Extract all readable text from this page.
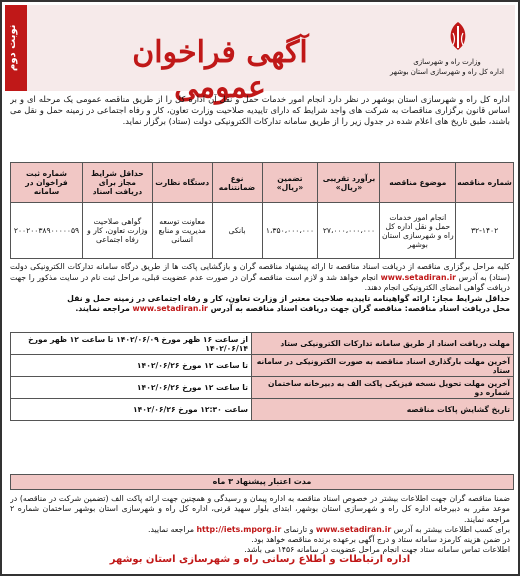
نوبت دوم	آگهی فراخوان عمومی
وزارت راه و شهرسازی
اداره کل راه و شهرسازی استان بوشهر
اداره کل راه و شهرسازی استان بوشهر در نظر دارد انجام امور خدمات حمل و نقل آن اداره کل را از طریق مناقصه عمومی یک مرحله ای و بر اساس قانون برگزاری مناقصات به شرکت های واجد شرایط که دارای تاییدیه صلاحیت وزارت تعاون، کار و رفاه اجتماعی در زمینه حمل و نقل می باشند، طبق تاریخ های اعلام شده در جدول زیر را از طریق سامانه تدارکات الکترونیکی دولت (ستاد) برگزار نماید.
شماره مناقصه	موضوع مناقصه	برآورد تقریبی «ریال»	تضمین «ریال»	نوع ضمانتنامه	دستگاه نظارت	حداقل شرایط مجاز برای دریافت اسناد	شماره ثبت فراخوان در سامانه
۳۲-۱۴۰۲	انجام امور خدمات حمل و نقل اداره کل راه و شهرسازی استان بوشهر	۲۷،۰۰۰،۰۰۰،۰۰۰	۱،۳۵۰،۰۰۰،۰۰۰	بانکی	معاونت توسعه مدیریت و منابع انسانی	گواهی صلاحیت وزارت تعاون، کار و رفاه اجتماعی	۲۰۰۲۰۰۳۸۹۰۰۰۰۰۵۹
کلیه مراحل برگزاری مناقصه از دریافت اسناد مناقصه تا ارائه پیشنهاد مناقصه گران و بازگشایی پاکت ها از طریق درگاه سامانه تدارکات الکترونیکی دولت (ستاد) به آدرس www.setadiran.ir انجام خواهد شد و لازم است مناقصه گران در صورت عدم عضویت قبلی، مراحل ثبت نام در سایت مذکور را جهت دریافت گواهی امضای الکترونیکی انجام دهند.
حداقل شرایط مجاز: ارائه گواهینامه تاییدیه صلاحیت معتبر از وزارت تعاون، کار و رفاه اجتماعی در زمینه حمل و نقل
محل دریافت اسناد مناقصه: مناقصه گران جهت دریافت اسناد مناقصه به آدرس www.setadiran.ir مراجعه نمایند.
مهلت دریافت اسناد از طریق سامانه تدارکات الکترونیکی ستاد	از ساعت ۱۶ ظهر مورخ ۱۴۰۲/۰۶/۰۹ تا ساعت ۱۲ ظهر مورخ ۱۴۰۲/۰۶/۱۴
آخرین مهلت بارگذاری اسناد مناقصه به صورت الکترونیکی در سامانه ستاد	تا ساعت ۱۲ مورخ ۱۴۰۲/۰۶/۲۶
آخرین مهلت تحویل نسخه فیزیکی پاکت الف به دبیرخانه ساختمان شماره دو	تا ساعت ۱۲ مورخ ۱۴۰۲/۰۶/۲۶
تاریخ گشایش پاکات مناقصه	ساعت ۱۲:۳۰ مورخ ۱۴۰۲/۰۶/۲۶
مدت اعتبار پیشنهاد ۳ ماه
ضمنا مناقصه گران جهت اطلاعات بیشتر در خصوص اسناد مناقصه به اداره پیمان و رسیدگی و همچنین جهت ارائه پاکت الف (تضمین شرکت در مناقصه) در موعد مقرر به دبیرخانه اداره کل راه و شهرسازی استان بوشهر، ابتدای بلوار سهید قرنی، اداره کل راه و شهرسازی استان بوشهر ساختمان شماره ۲ مراجعه نمایند.
برای کسب اطلاعات بیشتر به آدرس www.setadiran.ir و تارنمای http://iets.mporg.ir مراجعه نمایید.
در ضمن هزینه کارمزد سامانه ستاد و درج آگهی برعهده برنده مناقصه خواهد بود.
اطلاعات تماس سامانه ستاد جهت انجام مراحل عضویت در سامانه ۱۴۵۶ می باشد.
اداره ارتباطات و اطلاع رسانی راه و شهرسازی استان بوشهر
